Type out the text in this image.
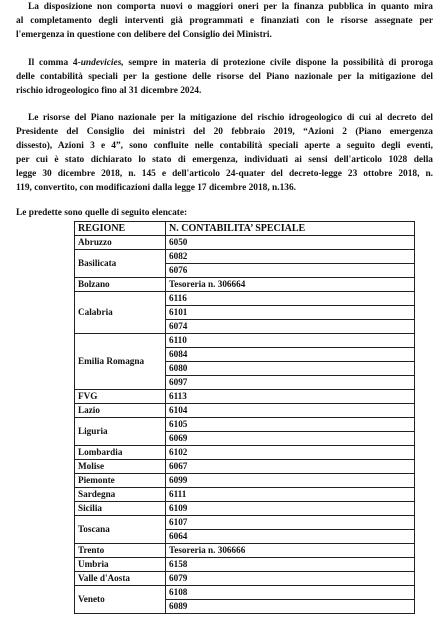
La disposizione non comporta nuovi o maggiori oneri per la finanza pubblica in quanto mira
al completamento degli interventi già programmati e finanziati con le risorse assegnate per
l'emergenza in questione con delibere del Consiglio dei Ministri.
Il comma 4-undevicies, sempre in materia di protezione civile dispone la possibilità di proroga
delle contabilità speciali per la gestione delle risorse del Piano nazionale per la mitigazione del
rischio idrogeologico fino al 31 dicembre 2024.
Le risorse del Piano nazionale per la mitigazione del rischio idrogeologico di cui al decreto del
Presidente del Consiglio dei ministri del 20 febbraio 2019, “Azioni 2 (Piano emergenza
dissesto), Azioni 3 e 4”, sono confluite nelle contabilità speciali aperte a seguito degli eventi,
per cui è stato dichiarato lo stato di emergenza, individuati ai sensi dell'articolo 1028 della
legge 30 dicembre 2018, n. 145 e dell'articolo 24-quater del decreto-legge 23 ottobre 2018, n.
119, convertito, con modificazioni dalla legge 17 dicembre 2018, n.136.
Le predette sono quelle di seguito elencate:
REGIONE	N. CONTABILITA’ SPECIALE
Abruzzo	6050

Basilicata	6082
6076

Bolzano	Tesoreria n. 306664

Calabria	6116
6101
6074

Emilia Romagna	6110
6084
6080
6097

FVG	6113

Lazio	6104

Liguria	6105
6069

Lombardia	6102

Molise	6067

Piemonte	6099

Sardegna	6111

Sicilia	6109

Toscana	6107
6064

Trento	Tesoreria n. 306666

Umbria	6158

Valle d'Aosta	6079

Veneto	6108
6089
